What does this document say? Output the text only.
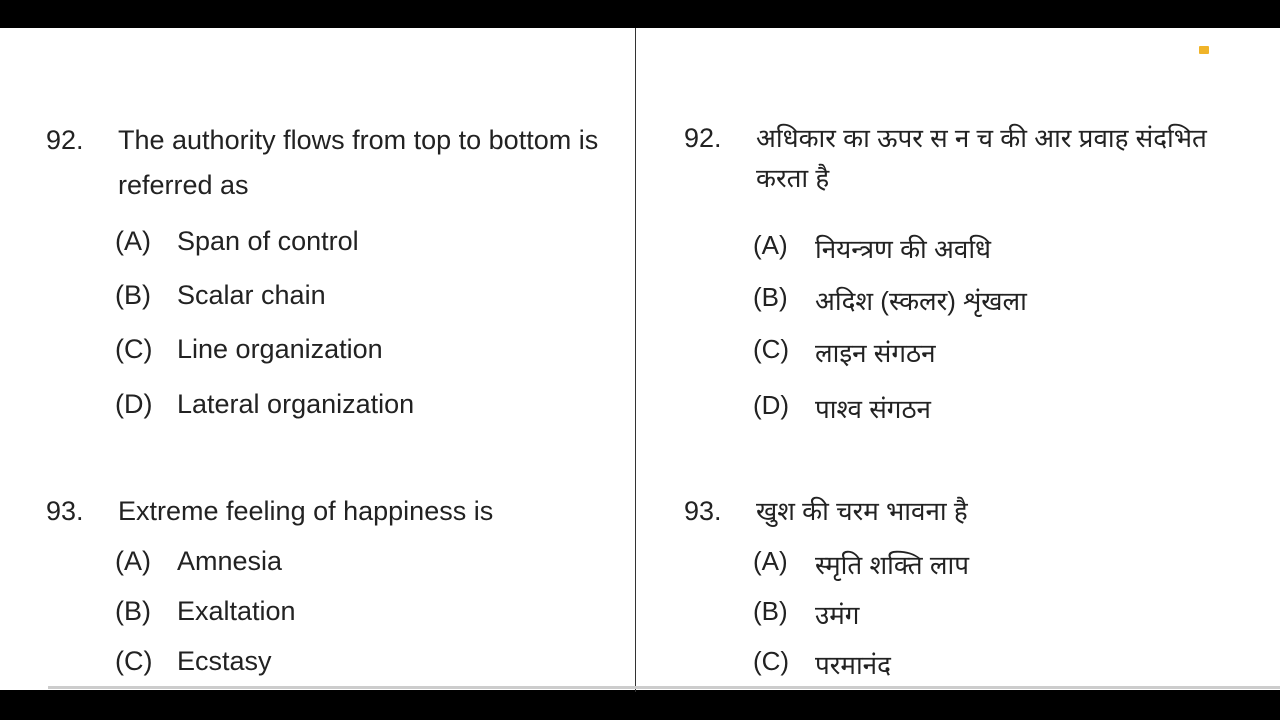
92. The authority flows from top to bottom is referred as
(A) Span of control
(B) Scalar chain
(C) Line organization
(D) Lateral organization
93. Extreme feeling of happiness is
(A) Amnesia
(B) Exaltation
(C) Ecstasy
92. अधिकार का ऊपर स न च की आर प्रवाह संदभित करता है
(A) नियन्त्रण की अवधि
(B) अदिश (स्कलर) शृंखला
(C) लाइन संगठन
(D) पाश्व संगठन
93. खुश की चरम भावना है
(A) स्मृति शक्ति लाप
(B) उमंग
(C) परमानंद
